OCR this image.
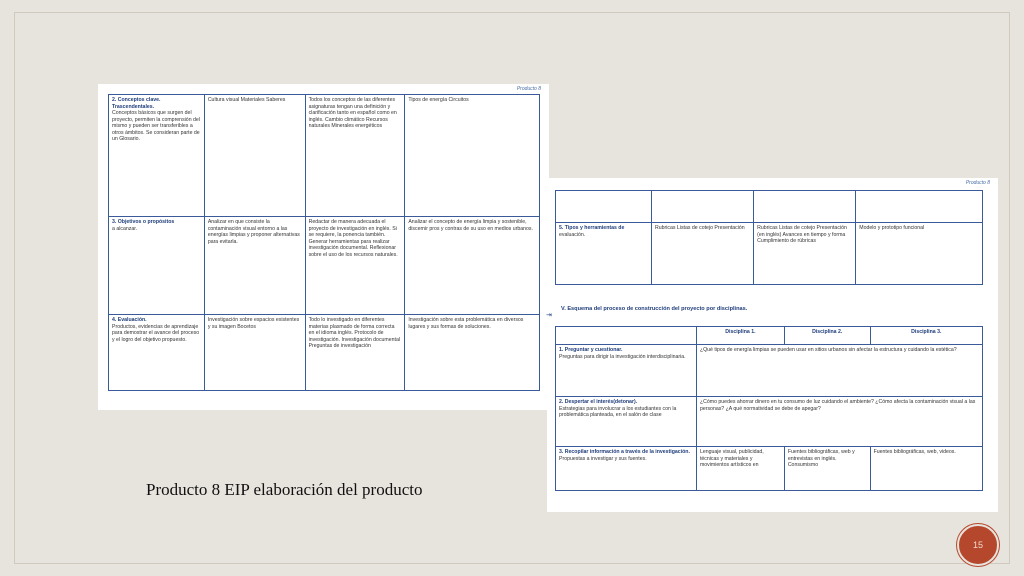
Producto 8
2. Conceptos clave. Trascendentales.
Conceptos básicos que surgen del proyecto, permiten la comprensión del mismo y pueden ser transferibles a otros ámbitos. Se consideran parte de un Glosario.	Cultura visual Materiales Saberes	Todos los conceptos de las diferentes asignaturas tengan una definición y clarificación tanto en español como en inglés. Cambio climático Recursos naturales Minerales energéticos	Tipos de energía Circuitos
3. Objetivos o propósitos
a alcanzar.	Analizar en que consiste la contaminación visual entorno a las energías limpias y proponer alternativas para evitarla.	Redactar de manera adecuada el proyecto de investigación en inglés. Si se requiere, la ponencia también. Generar herramientas para realizar investigación documental. Reflexionar sobre el uso de los recursos naturales.	Analizar el concepto de energía limpia y sostenible, discernir pros y contras de su uso en medios urbanos.
4. Evaluación.
Productos, evidencias de aprendizaje para demostrar el avance del proceso y el logro del objetivo propuesto.	Investigación sobre espacios existentes y su imagen Bocetos	Todo lo investigado en diferentes materias plasmado de forma correcta en el idioma inglés. Protocolo de investigación. Investigación documental Preguntas de investigación	Investigación sobre esta problemática en diversos lugares y sus formas de soluciones.
Producto 8

5. Tipos y herramientas de
evaluación.	Rubricas Listas de cotejo Presentación	Rubricas Listas de cotejo Presentación (en inglés) Avances en tiempo y forma Cumplimiento de rúbricas	Modelo y prototipo funcional
⇥
V. Esquema del proceso de construcción del proyecto por disciplinas.
	Disciplina 1.	Disciplina 2.	Disciplina 3.
1. Preguntar y cuestionar.
Preguntas para dirigir la investigación interdisciplinaria.	¿Qué tipos de energía limpias se pueden usar en sitios urbanos sin afectar la estructura y cuidando la estética?		
2. Despertar el interés(detonar).
Estrategias para involucrar a los estudiantes con la problemática planteada, en el salón de clase	¿Cómo puedes ahorrar dinero en tu consumo de luz cuidando el ambiente? ¿Cómo afecta la contaminación visual a las personas? ¿A qué normatividad se debe de apegar?		
3. Recopilar información a través de la investigación.
Propuestas a investigar y sus fuentes.	Lenguaje visual, publicidad, técnicas y materiales y movimientos artísticos en	Fuentes bibliográficas, web y entrevistas en inglés. Consumismo	Fuentes bibliográficas, web, videos.
Producto 8 EIP elaboración del producto
15
